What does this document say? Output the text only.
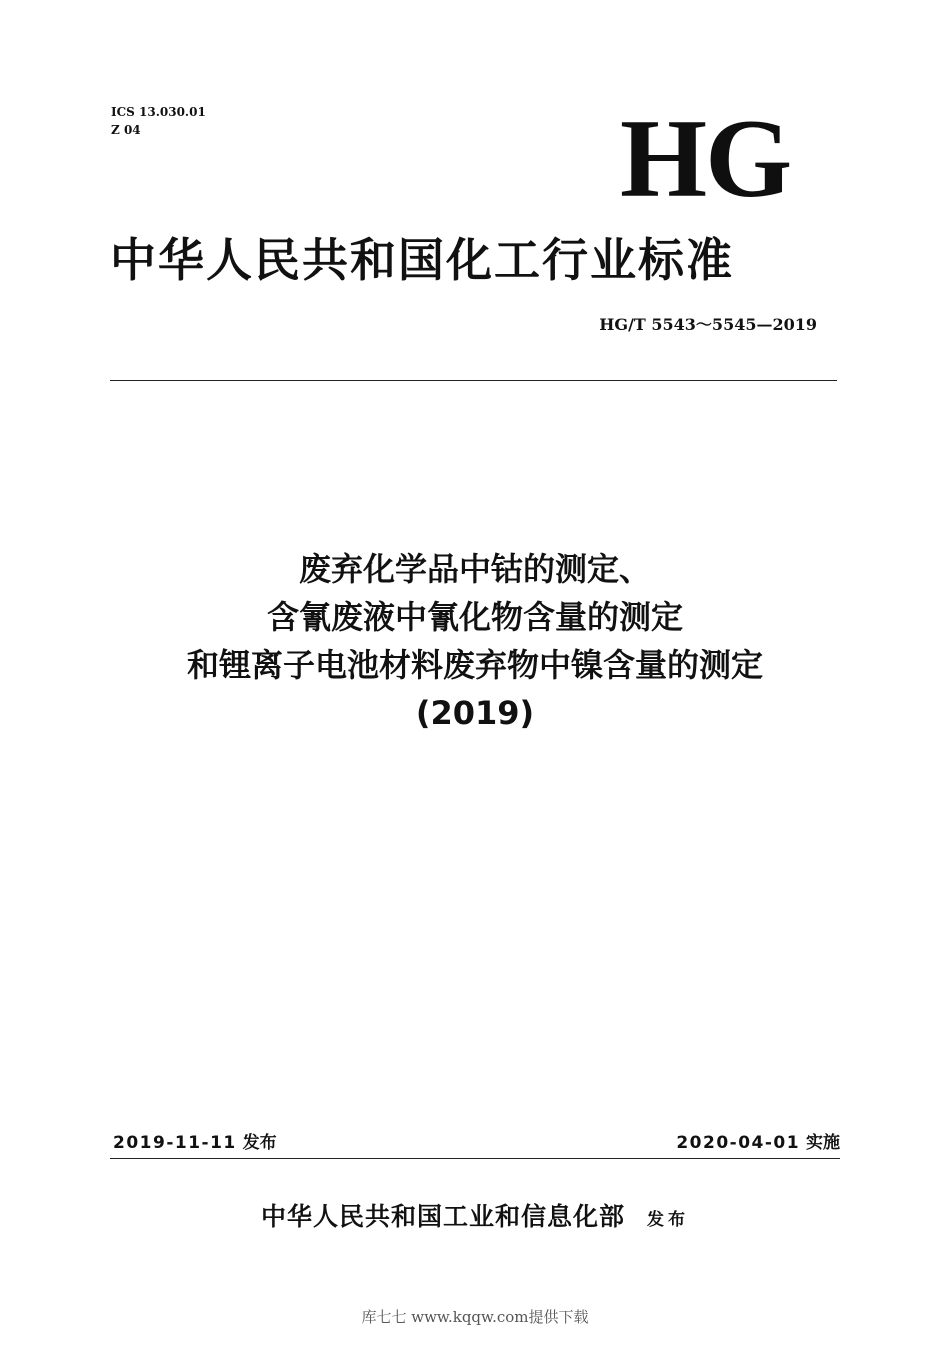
ICS 13.030.01
Z 04	HG
中华人民共和国化工行业标准
HG/T 5543～5545—2019
废弃化学品中钴的测定、
含氰废液中氰化物含量的测定
和锂离子电池材料废弃物中镍含量的测定
(2019)
2019-11-11 发布	2020-04-01 实施
中华人民共和国工业和信息化部 发布
库七七 www.kqqw.com提供下载
